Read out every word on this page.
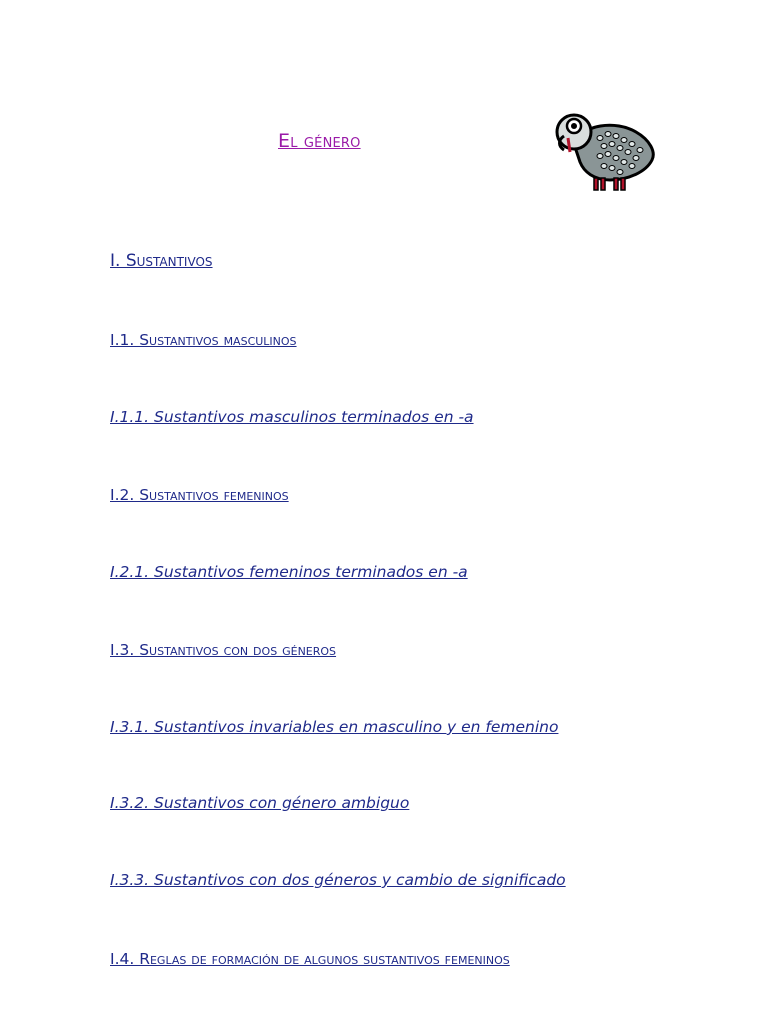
El género
I. Sustantivos
I.1. Sustantivos masculinos
I.1.1. Sustantivos masculinos terminados en -a
I.2. Sustantivos femeninos
I.2.1. Sustantivos femeninos terminados en -a
I.3. Sustantivos con dos géneros
I.3.1. Sustantivos invariables en masculino y en femenino
I.3.2. Sustantivos con género ambiguo
I.3.3. Sustantivos con dos géneros y cambio de significado
I.4. Reglas de formación de algunos sustantivos femeninos
